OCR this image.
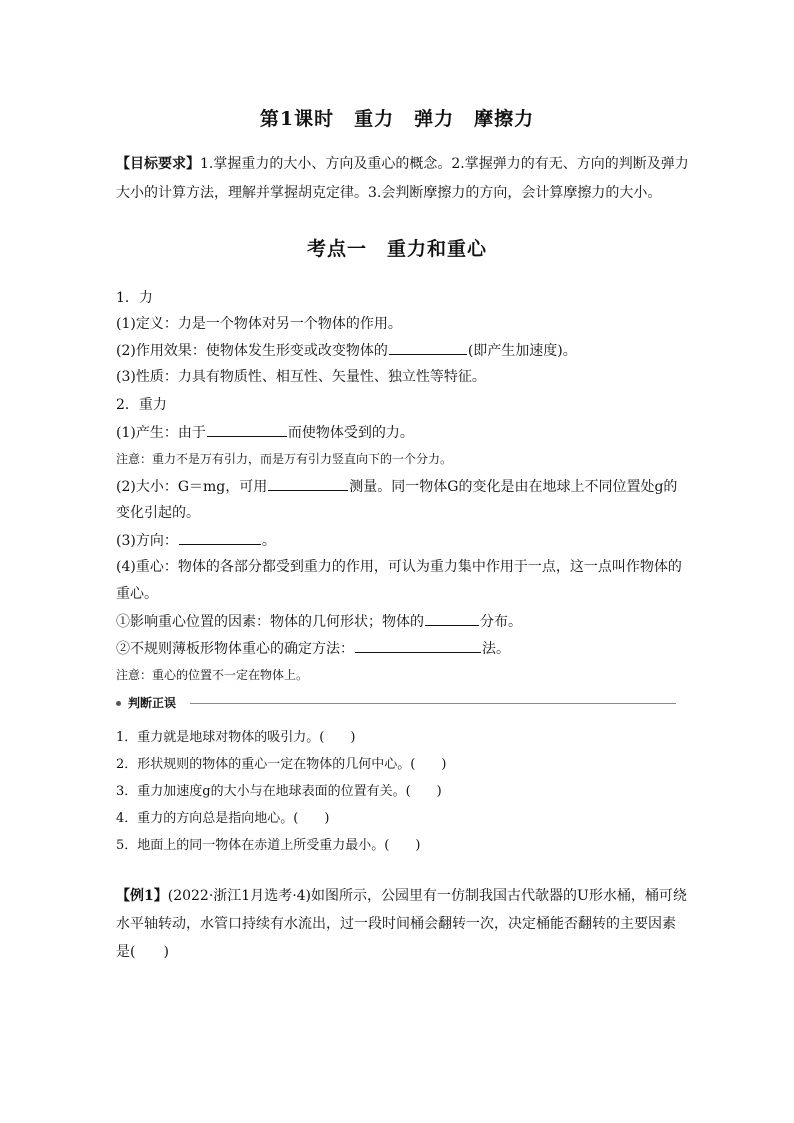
第1课时　重力　弹力　摩擦力
【目标要求】1.掌握重力的大小、方向及重心的概念。2.掌握弹力的有无、方向的判断及弹力
大小的计算方法，理解并掌握胡克定律。3.会判断摩擦力的方向，会计算摩擦力的大小。
考点一　重力和重心
1．力
(1)定义：力是一个物体对另一个物体的作用。
(2)作用效果：使物体发生形变或改变物体的	(即产生加速度)。
(3)性质：力具有物质性、相互性、矢量性、独立性等特征。
2．重力
(1)产生：由于	而使物体受到的力。
注意：重力不是万有引力，而是万有引力竖直向下的一个分力。
(2)大小：G＝mg，可用	测量。同一物体G的变化是由在地球上不同位置处g的
变化引起的。
(3)方向：	。
(4)重心：物体的各部分都受到重力的作用，可认为重力集中作用于一点，这一点叫作物体的
重心。
①影响重心位置的因素：物体的几何形状；物体的	分布。
②不规则薄板形物体重心的确定方法：	法。
注意：重心的位置不一定在物体上。
判断正误
1．重力就是地球对物体的吸引力。(　　)
2．形状规则的物体的重心一定在物体的几何中心。(　　)
3．重力加速度g的大小与在地球表面的位置有关。(　　)
4．重力的方向总是指向地心。(　　)
5．地面上的同一物体在赤道上所受重力最小。(　　)
【例1】(2022·浙江1月选考·4)如图所示，公园里有一仿制我国古代欹器的U形水桶，桶可绕
水平轴转动，水管口持续有水流出，过一段时间桶会翻转一次，决定桶能否翻转的主要因素
是(　　)
